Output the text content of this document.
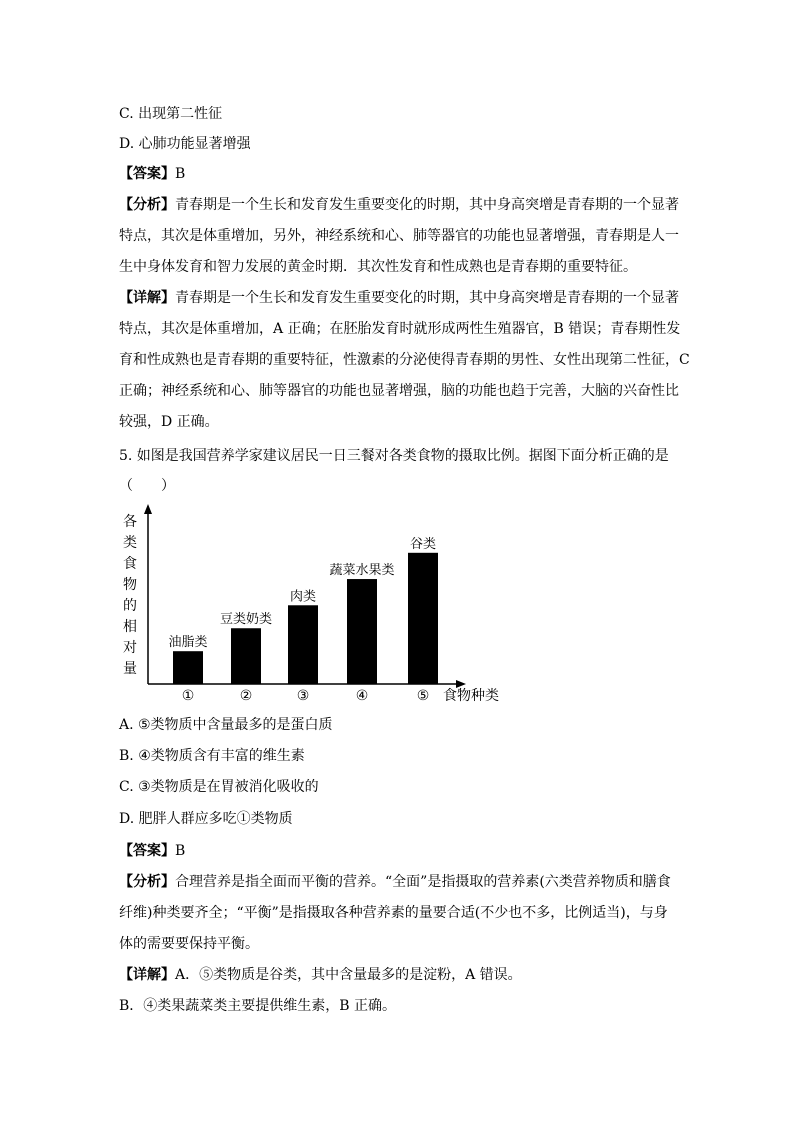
C. 出现第二性征
D. 心肺功能显著增强
【答案】B
【分析】青春期是一个生长和发育发生重要变化的时期，其中身高突增是青春期的一个显著
特点，其次是体重增加，另外，神经系统和心、肺等器官的功能也显著增强，青春期是人一
生中身体发育和智力发展的黄金时期．其次性发育和性成熟也是青春期的重要特征。
【详解】青春期是一个生长和发育发生重要变化的时期，其中身高突增是青春期的一个显著
特点，其次是体重增加，A 正确；在胚胎发育时就形成两性生殖器官，B 错误；青春期性发
育和性成熟也是青春期的重要特征，性激素的分泌使得青春期的男性、女性出现第二性征，C
正确；神经系统和心、肺等器官的功能也显著增强，脑的功能也趋于完善，大脑的兴奋性比
较强，D 正确。
5. 如图是我国营养学家建议居民一日三餐对各类食物的摄取比例。据图下面分析正确的是
（　　）
各
类
食
物
的
相
对
量
油脂类
豆类奶类
肉类
蔬菜水果类
谷类
①	②	③	④	⑤ 食物种类
A. ⑤类物质中含量最多的是蛋白质
B. ④类物质含有丰富的维生素
C. ③类物质是在胃被消化吸收的
D. 肥胖人群应多吃①类物质
【答案】B
【分析】合理营养是指全面而平衡的营养。“全面”是指摄取的营养素(六类营养物质和膳食
纤维)种类要齐全；“平衡”是指摄取各种营养素的量要合适(不少也不多，比例适当)，与身
体的需要要保持平衡。
【详解】A．⑤类物质是谷类，其中含量最多的是淀粉，A 错误。
B．④类果蔬菜类主要提供维生素，B 正确。
